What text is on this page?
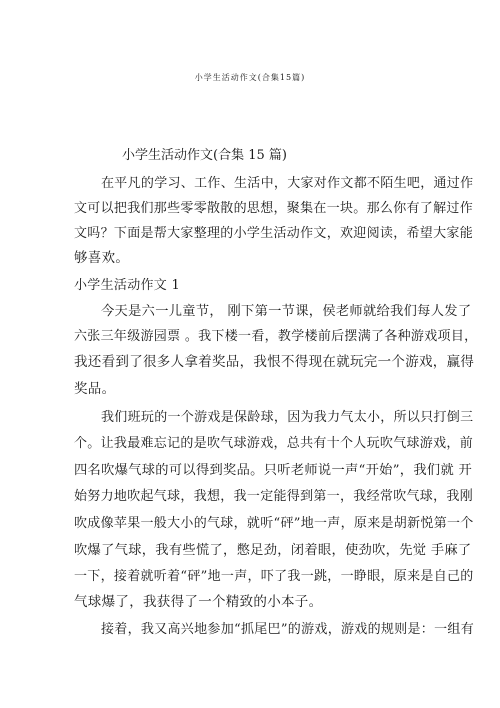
小学生活动作文(合集15篇)
小学生活动作文(合集 15 篇)
在平凡的学习、工作、生活中，大家对作文都不陌生吧，通过作
文可以把我们那些零零散散的思想，聚集在一块。那么你有了解过作
文吗？下面是帮大家整理的小学生活动作文，欢迎阅读，希望大家能
够喜欢。
小学生活动作文 1
今天是六一儿童节， 刚下第一节课，侯老师就给我们每人发了
六张三年级游园票 。我下楼一看，教学楼前后摆满了各种游戏项目，
我还看到了很多人拿着奖品，我恨不得现在就玩完一个游戏，赢得
奖品。
我们班玩的一个游戏是保龄球，因为我力气太小，所以只打倒三
个。让我最难忘记的是吹气球游戏，总共有十个人玩吹气球游戏，前
四名吹爆气球的可以得到奖品。只听老师说一声“开始”，我们就 开
始努力地吹起气球，我想，我一定能得到第一，我经常吹气球，我刚
吹成像苹果一般大小的气球，就听“砰”地一声，原来是胡新悦第一个
吹爆了气球，我有些慌了，憋足劲，闭着眼，使劲吹，先觉 手麻了
一下，接着就听着“砰”地一声，吓了我一跳，一睁眼，原来是自己的
气球爆了，我获得了一个精致的小本子。
接着，我又高兴地参加“抓尾巴”的游戏，游戏的规则是：一组有
